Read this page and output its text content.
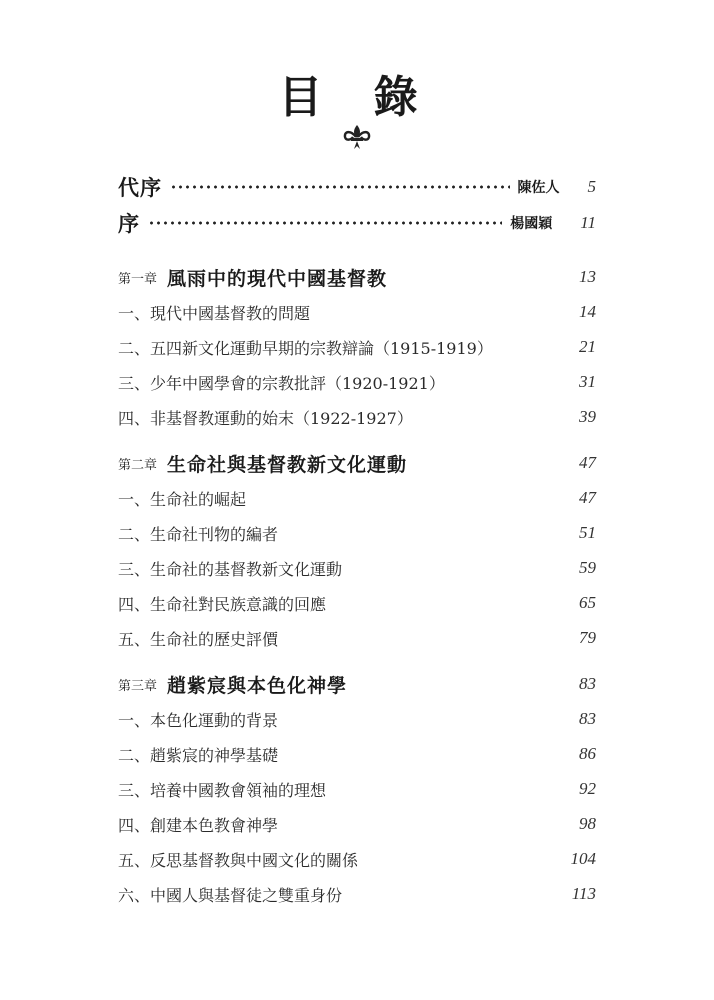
目 錄
代序	陳佐人	5
序	楊國穎	11
第一章 風雨中的現代中國基督教	13
一、現代中國基督教的問題	14
二、五四新文化運動早期的宗教辯論（1915-1919）	21
三、少年中國學會的宗教批評（1920-1921）	31
四、非基督教運動的始末（1922-1927）	39
第二章 生命社與基督教新文化運動	47
一、生命社的崛起	47
二、生命社刊物的編者	51
三、生命社的基督教新文化運動	59
四、生命社對民族意識的回應	65
五、生命社的歷史評價	79
第三章 趙紫宸與本色化神學	83
一、本色化運動的背景	83
二、趙紫宸的神學基礎	86
三、培養中國教會領袖的理想	92
四、創建本色教會神學	98
五、反思基督教與中國文化的關係	104
六、中國人與基督徒之雙重身份	113
